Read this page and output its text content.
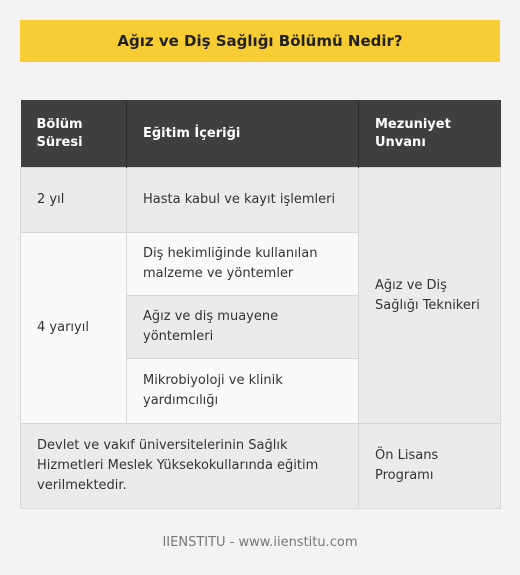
Ağız ve Diş Sağlığı Bölümü Nedir?
Bölüm Süresi	Eğitim İçeriği	Mezuniyet Unvanı
2 yıl	Hasta kabul ve kayıt işlemleri	Ağız ve Diş Sağlığı Teknikeri
4 yarıyıl	Diş hekimliğinde kullanılan malzeme ve yöntemler	
	Ağız ve diş muayene yöntemleri	
	Mikrobiyoloji ve klinik yardımcılığı	
Devlet ve vakıf üniversitelerinin Sağlık Hizmetleri Meslek Yüksekokullarında eğitim verilmektedir.		Ön Lisans Programı
IIENSTITU - www.iienstitu.com
